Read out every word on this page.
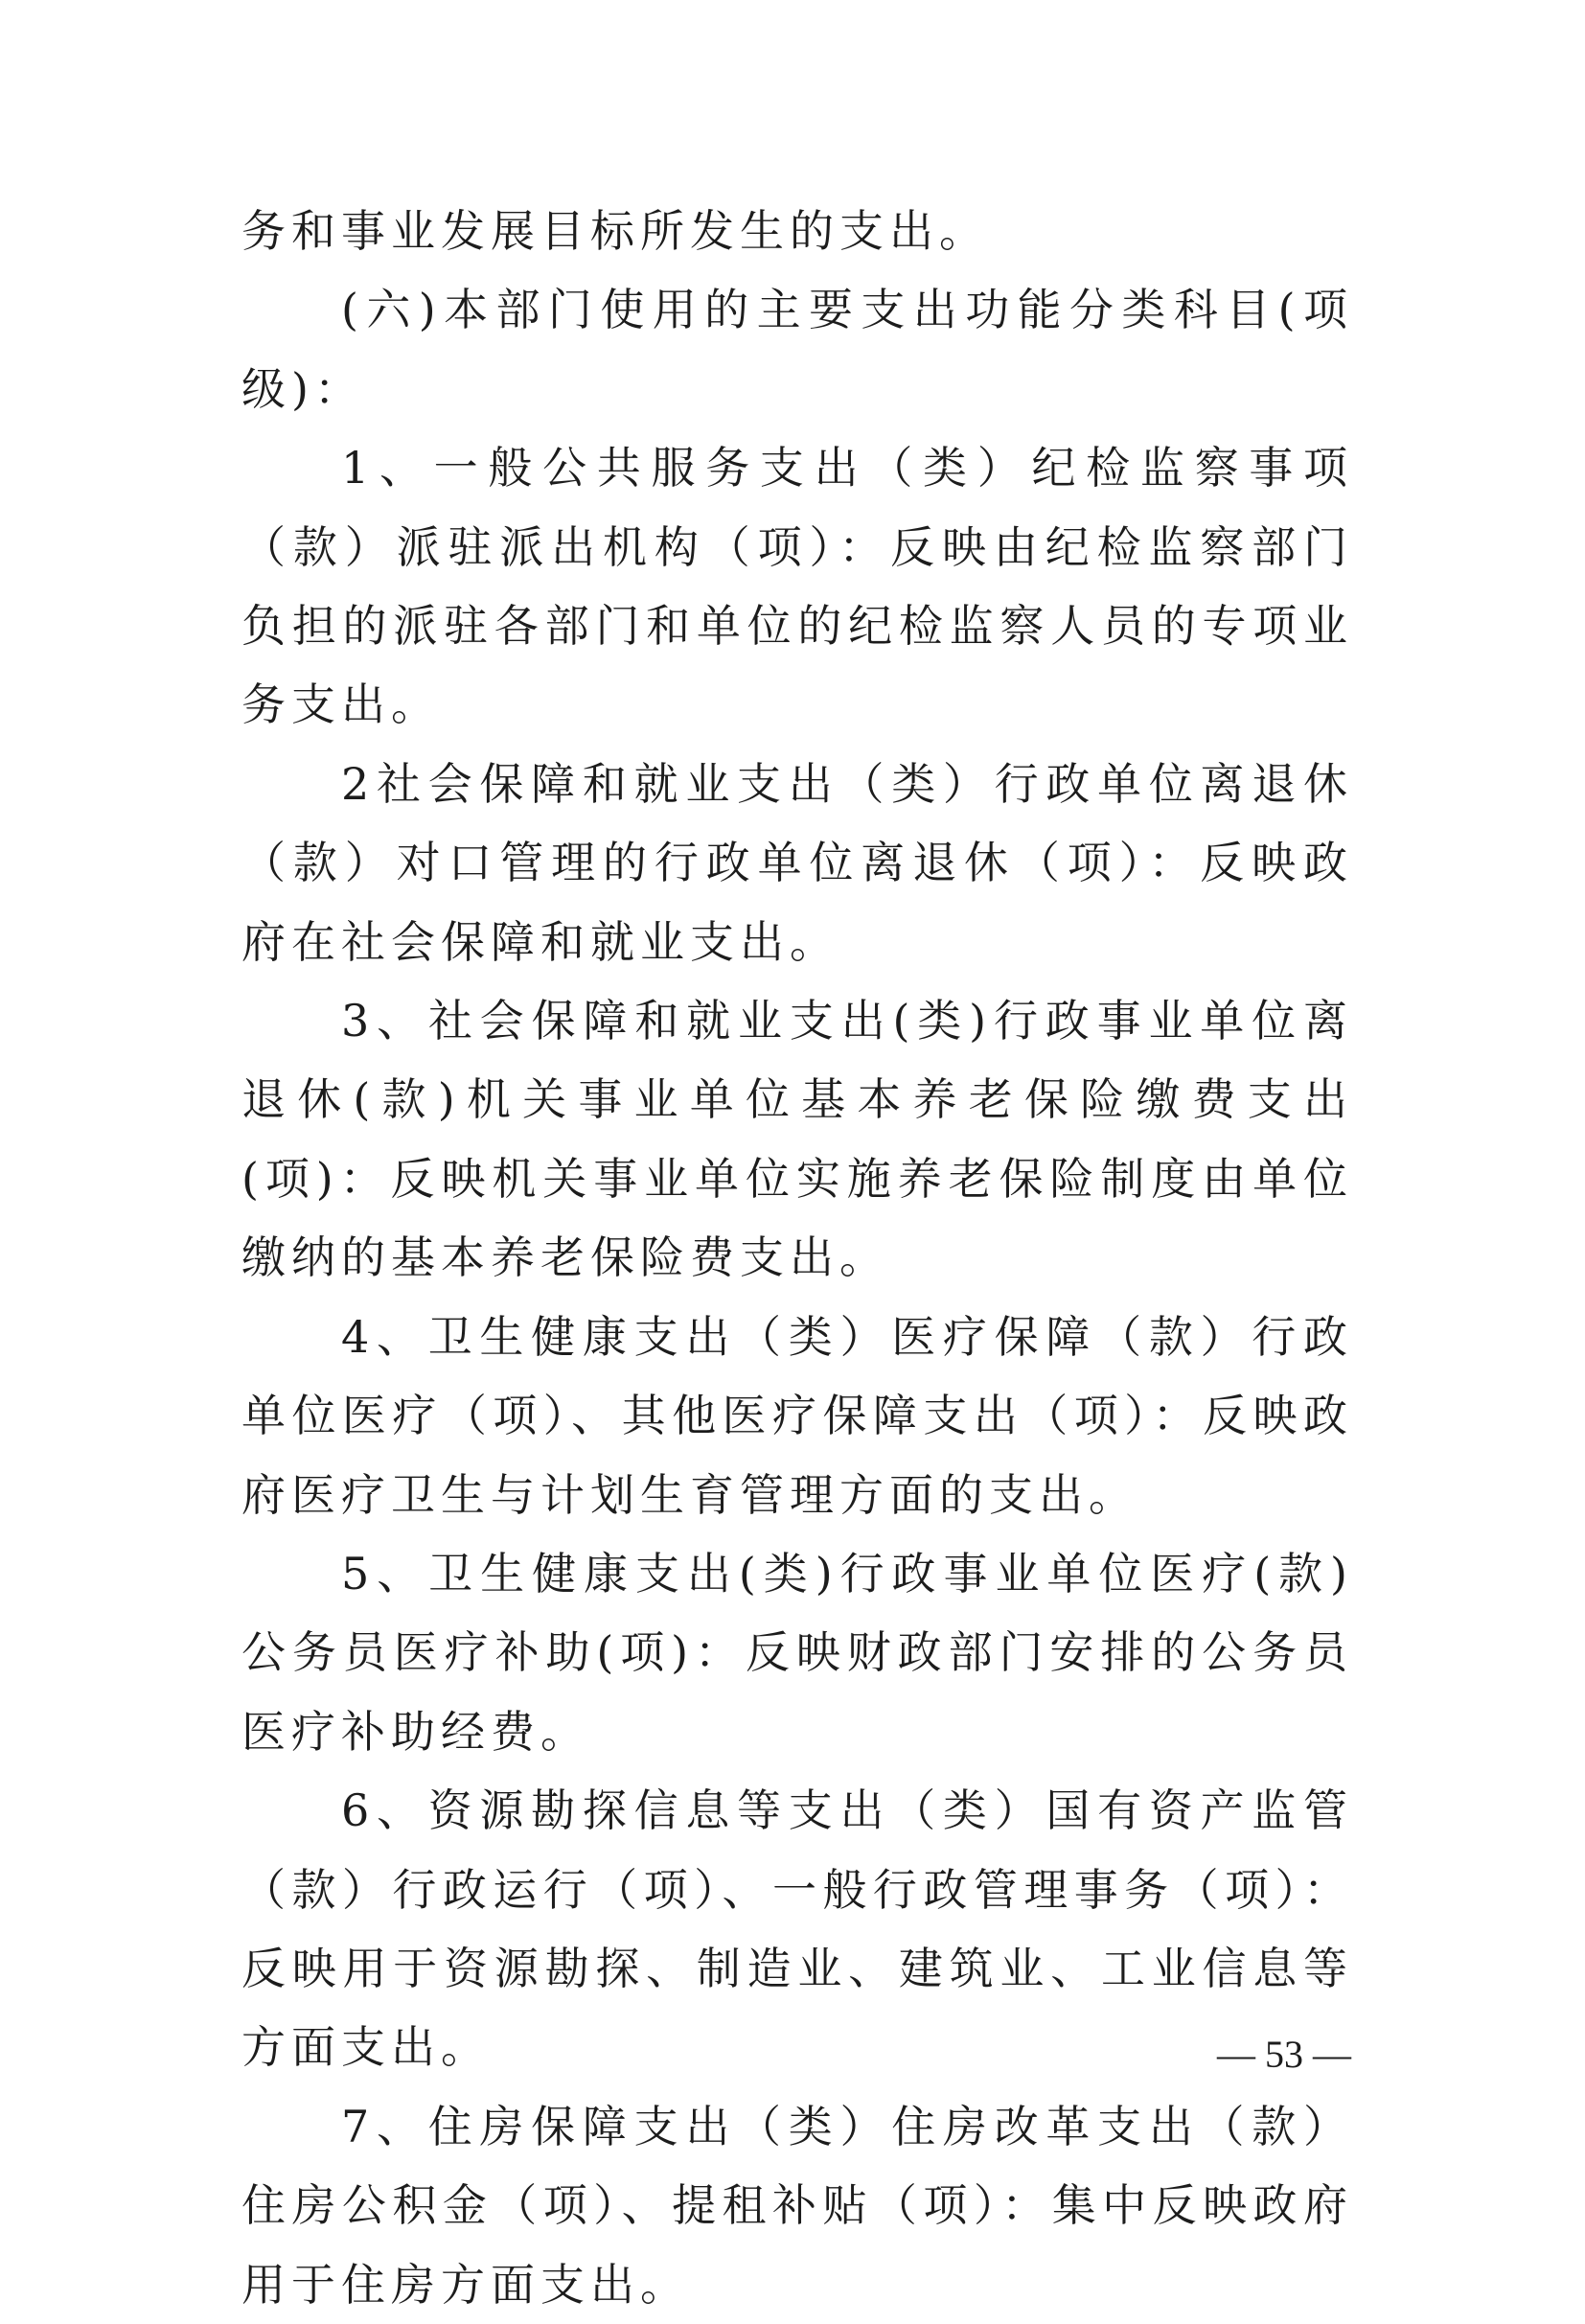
务和事业发展目标所发生的支出。

(六)本部门使用的主要支出功能分类科目(项级)：

1、一般公共服务支出（类）纪检监察事项（款）派驻派出机构（项）：反映由纪检监察部门负担的派驻各部门和单位的纪检监察人员的专项业务支出。

2社会保障和就业支出（类）行政单位离退休（款）对口管理的行政单位离退休（项）：反映政府在社会保障和就业支出。

3、社会保障和就业支出(类)行政事业单位离退休(款)机关事业单位基本养老保险缴费支出(项)：反映机关事业单位实施养老保险制度由单位缴纳的基本养老保险费支出。

4、卫生健康支出（类）医疗保障（款）行政单位医疗（项）、其他医疗保障支出（项）：反映政府医疗卫生与计划生育管理方面的支出。

5、卫生健康支出(类)行政事业单位医疗(款)公务员医疗补助(项)：反映财政部门安排的公务员医疗补助经费。

6、资源勘探信息等支出（类）国有资产监管（款）行政运行（项）、一般行政管理事务（项）：反映用于资源勘探、制造业、建筑业、工业信息等方面支出。

7、住房保障支出（类）住房改革支出（款）住房公积金（项）、提租补贴（项）：集中反映政府用于住房方面支出。

— 53 —
